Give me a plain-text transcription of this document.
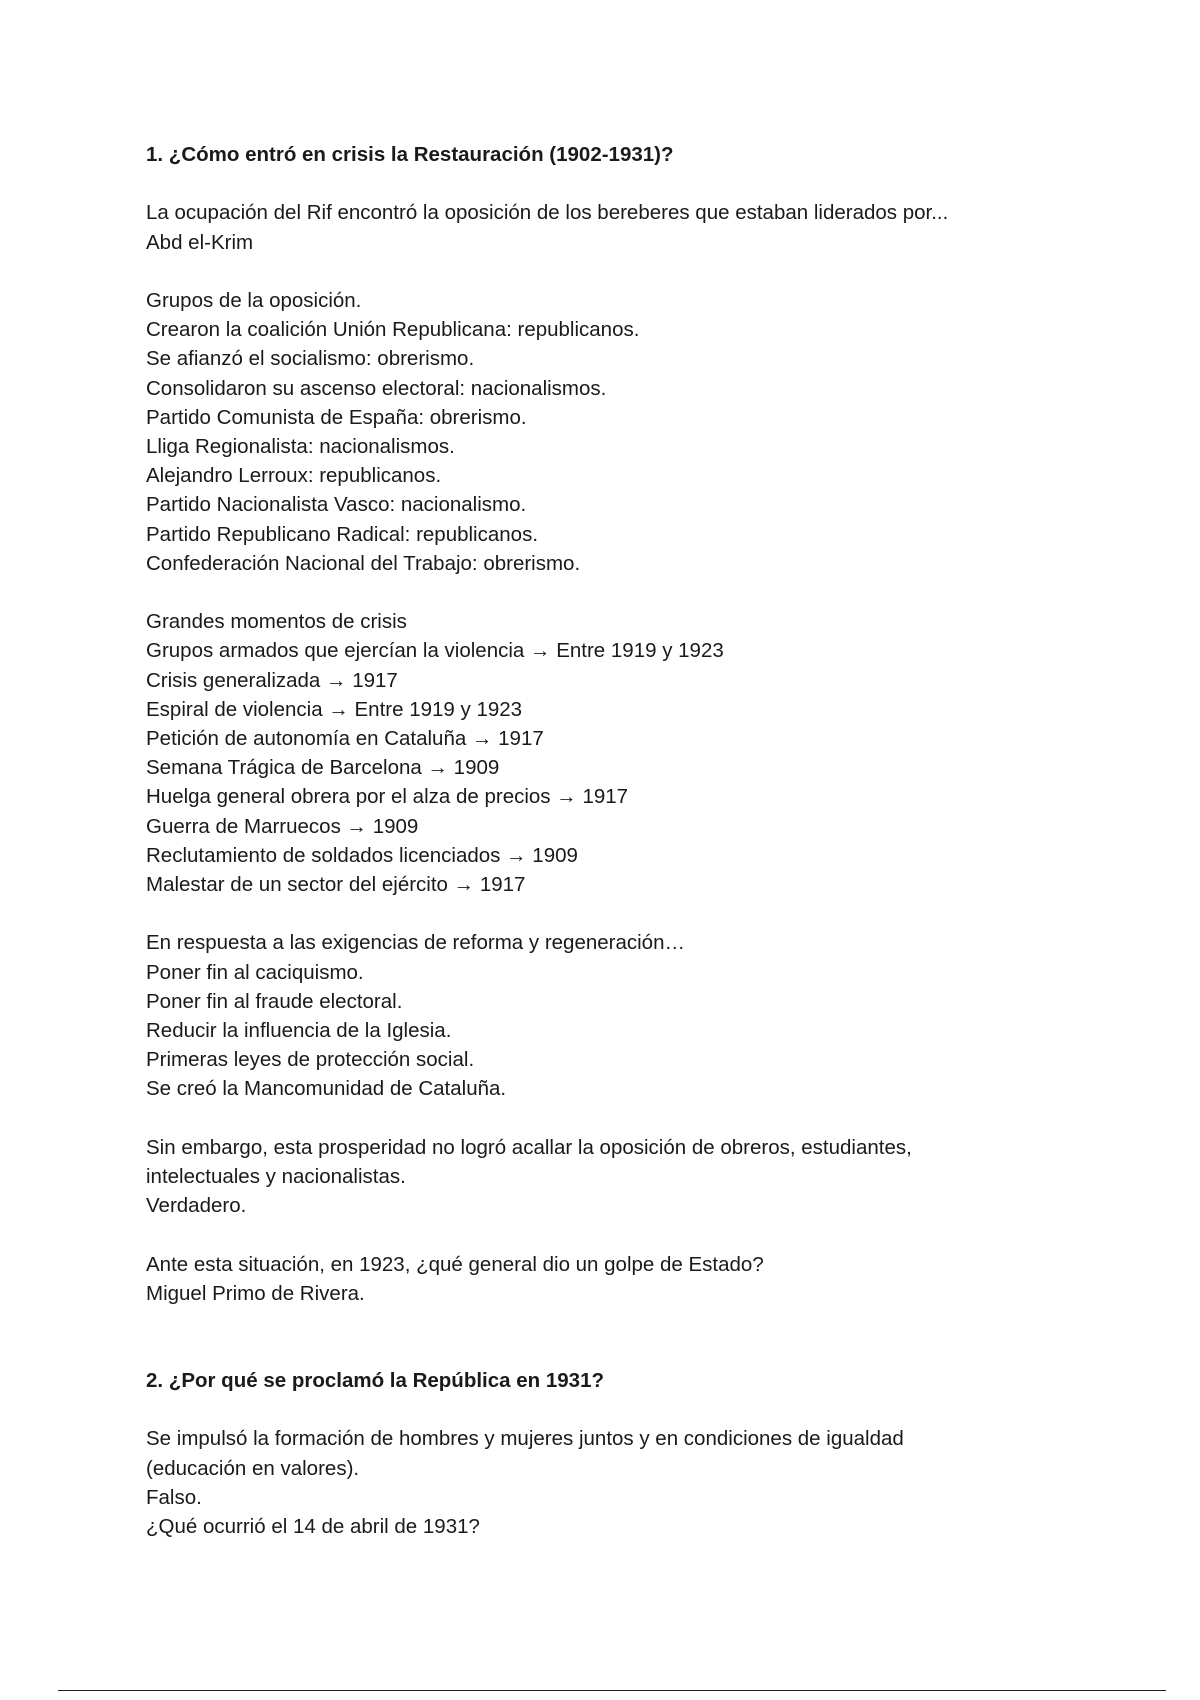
1. ¿Cómo entró en crisis la Restauración (1902-1931)?

La ocupación del Rif encontró la oposición de los bereberes que estaban liderados por...
Abd el-Krim
Grupos de la oposición.
Crearon la coalición Unión Republicana: republicanos.
Se afianzó el socialismo: obrerismo.
Consolidaron su ascenso electoral: nacionalismos.
Partido Comunista de España: obrerismo.
Lliga Regionalista: nacionalismos.
Alejandro Lerroux: republicanos.
Partido Nacionalista Vasco: nacionalismo.
Partido Republicano Radical: republicanos.
Confederación Nacional del Trabajo: obrerismo.
Grandes momentos de crisis
Grupos armados que ejercían la violencia → Entre 1919 y 1923
Crisis generalizada → 1917
Espiral de violencia → Entre 1919 y 1923
Petición de autonomía en Cataluña → 1917
Semana Trágica de Barcelona → 1909
Huelga general obrera por el alza de precios → 1917
Guerra de Marruecos → 1909
Reclutamiento de soldados licenciados → 1909
Malestar de un sector del ejército → 1917
En respuesta a las exigencias de reforma y regeneración…
Poner fin al caciquismo.
Poner fin al fraude electoral.
Reducir la influencia de la Iglesia.
Primeras leyes de protección social.
Se creó la Mancomunidad de Cataluña.
Sin embargo, esta prosperidad no logró acallar la oposición de obreros, estudiantes,
intelectuales y nacionalistas.
Verdadero.
Ante esta situación, en 1923, ¿qué general dio un golpe de Estado?
Miguel Primo de Rivera.

2. ¿Por qué se proclamó la República en 1931?

Se impulsó la formación de hombres y mujeres juntos y en condiciones de igualdad
(educación en valores).
Falso.
¿Qué ocurrió el 14 de abril de 1931?
